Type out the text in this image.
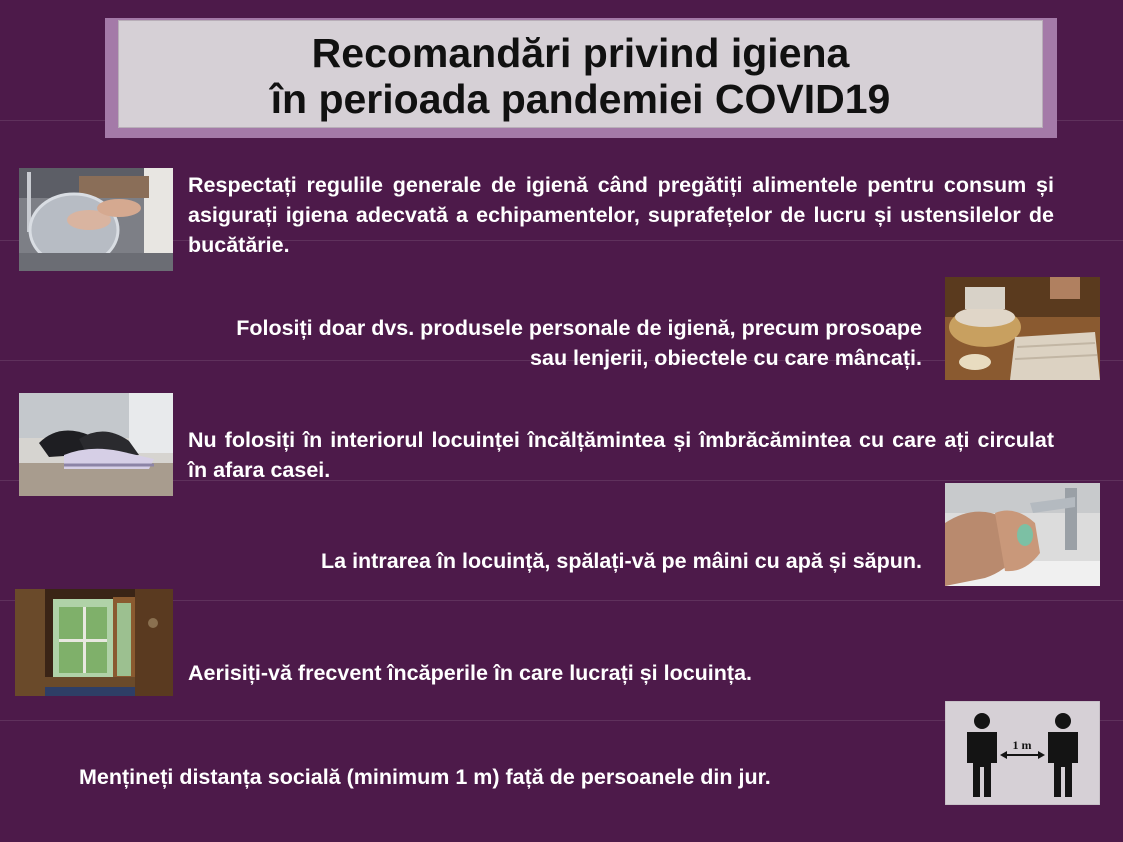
Recomandări privind igiena
în perioada pandemiei COVID19
Respectați regulile generale de igienă când pregătiți alimentele pentru consum și asigurați igiena adecvată a echipamentelor, suprafețelor de lucru și ustensilelor de bucătărie.
Folosiți doar dvs. produsele personale de igienă, precum prosoape
sau lenjerii, obiectele cu care mâncați.
Nu folosiți în interiorul locuinței încălțămintea și îmbrăcămintea cu care ați circulat în afara casei.
La intrarea în locuință, spălați-vă pe mâini cu apă și săpun.
Aerisiți-vă frecvent încăperile în care lucrați și locuința.
Mențineți distanța socială (minimum 1 m) față de persoanele din jur.
1 m
